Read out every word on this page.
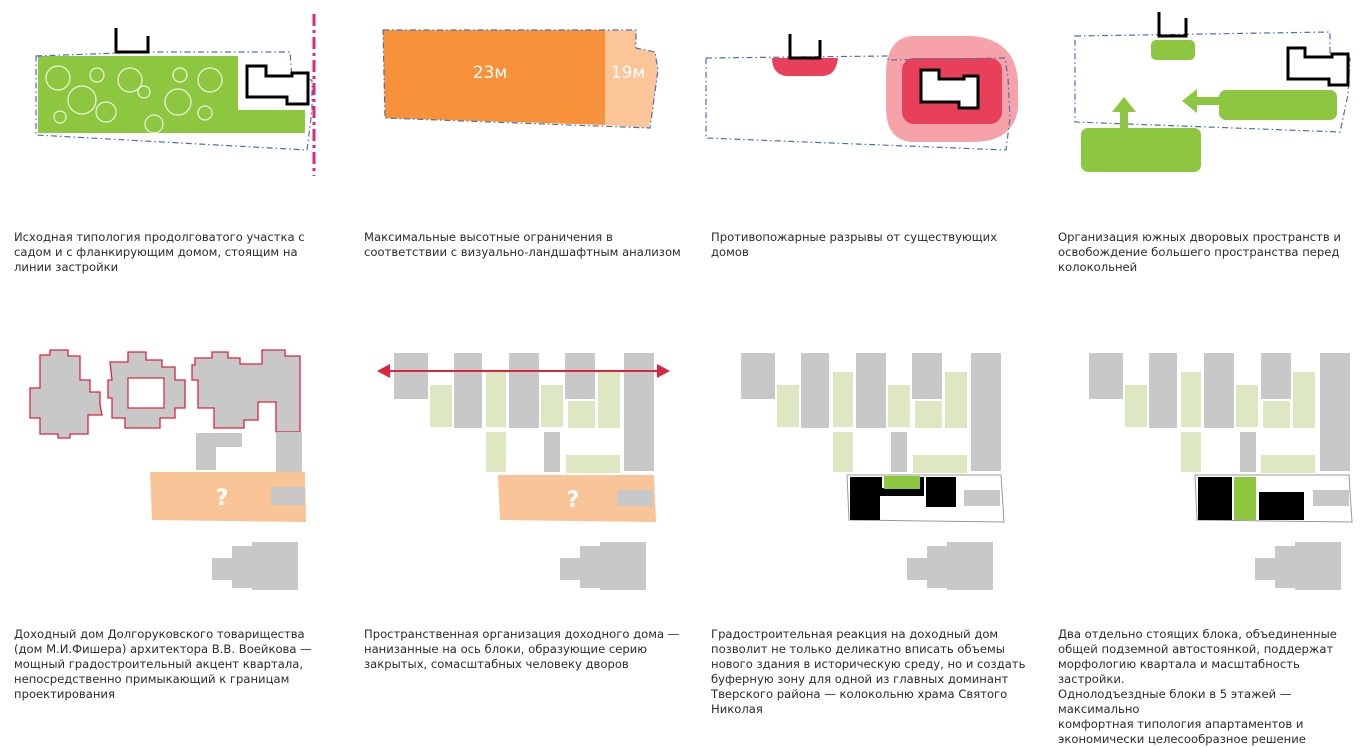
Исходная типология продолговатого участка с
садом и с фланкирующим домом, стоящим на
линии застройки
23м	19м
Максимальные высотные ограничения в
соответствии с визуально-ландшафтным анализом
Противопожарные разрывы от существующих
домов
Организация южных дворовых пространств и
освобождение большего пространства перед
колокольней
?
Доходный дом Долгоруковского товарищества
(дом М.И.Фишера) архитектора В.В. Воейкова —
мощный градостроительный акцент квартала,
непосредственно примыкающий к границам
проектирования
?
Пространственная организация доходного дома —
нанизанные на ось блоки, образующие серию
закрытых, сомасштабных человеку дворов
Градостроительная реакция на доходный дом
позволит не только деликатно вписать объемы
нового здания в историческую среду, но и создать
буферную зону для одной из главных доминант
Тверского района — колокольню храма Святого
Николая
Два отдельно стоящих блока, объединенные
общей подземной автостоянкой, поддержат
морфологию квартала и масштабность застройки.
Однолодъездные блоки в 5 этажей — максимально
комфортная типология апартаментов и
экономически целесообразное решение
